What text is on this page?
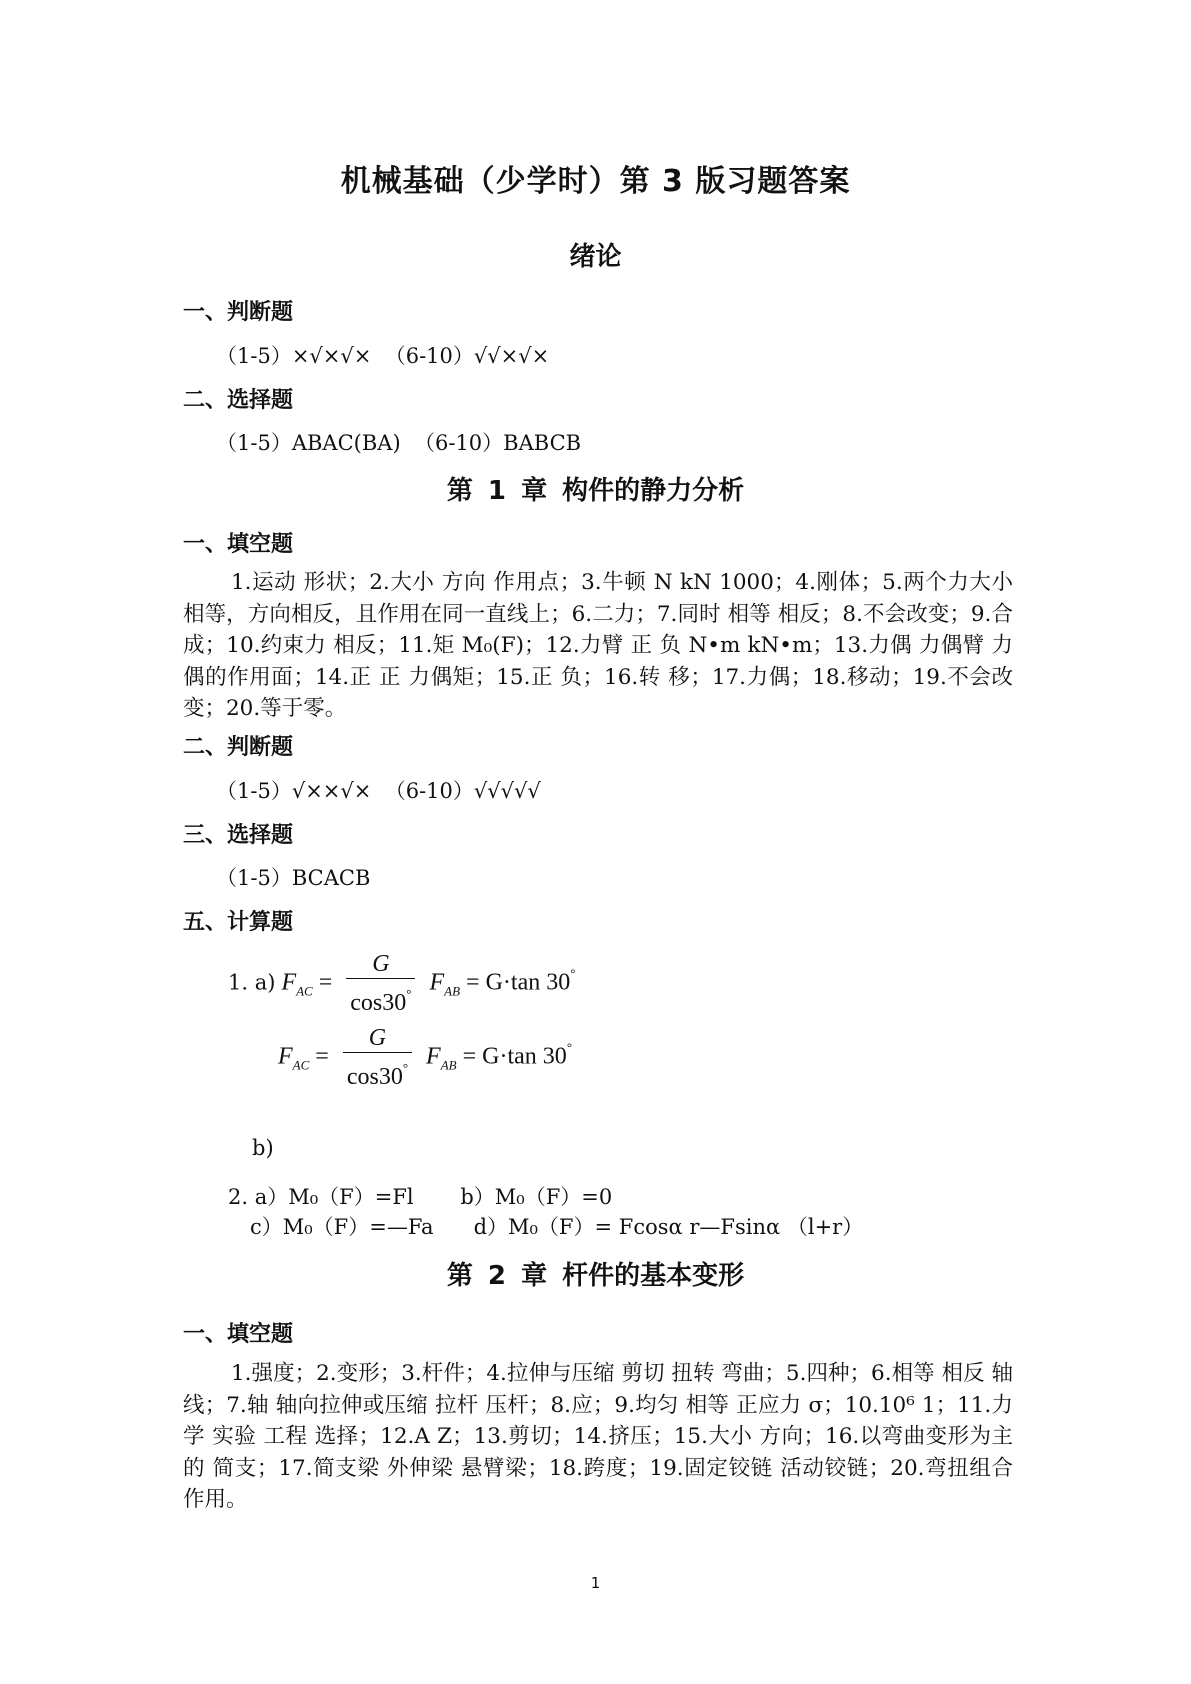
机械基础（少学时）第 3 版习题答案
绪论
一、判断题
（1-5）×√×√×  （6-10）√√×√×
二、选择题
（1-5）ABAC(BA)  （6-10）BABCB
第 1 章 构件的静力分析
一、填空题
1.运动 形状；2.大小 方向 作用点；3.牛顿 N kN 1000；4.刚体；5.两个力大小相等，方向相反，且作用在同一直线上；6.二力；7.同时 相等 相反；8.不会改变；9.合成；10.约束力 相反；11.矩 M₀(F)；12.力臂 正 负 N•m kN•m；13.力偶 力偶臂 力偶的作用面；14.正 正 力偶矩；15.正 负；16.转 移；17.力偶；18.移动；19.不会改变；20.等于零。
二、判断题
（1-5）√××√×  （6-10）√√√√√
三、选择题
（1-5）BCACB
五、计算题
1. a) $F_{AC} = \frac{G}{\cos 30^\circ} F_{AB} = G\cdot\tan$ 30°
$F_{AC} = \frac{G}{\cos 30^\circ} F_{AB} = G\cdot\tan$ 30°
b)
2. a）M₀（F）=Fl       b）M₀（F）=0
c）M₀（F）=—Fa      d）M₀（F）= Fcosα r—Fsinα （l+r）
第 2 章 杆件的基本变形
一、填空题
1.强度；2.变形；3.杆件；4.拉伸与压缩 剪切 扭转 弯曲；5.四种；6.相等 相反 轴线；7.轴 轴向拉伸或压缩 拉杆 压杆；8.应；9.均匀 相等 正应力 σ；10.10⁶ 1；11.力学 实验 工程 选择；12.A Z；13.剪切；14.挤压；15.大小 方向；16.以弯曲变形为主的 简支；17.简支梁 外伸梁 悬臂梁；18.跨度；19.固定铰链 活动铰链；20.弯扭组合作用。
1
